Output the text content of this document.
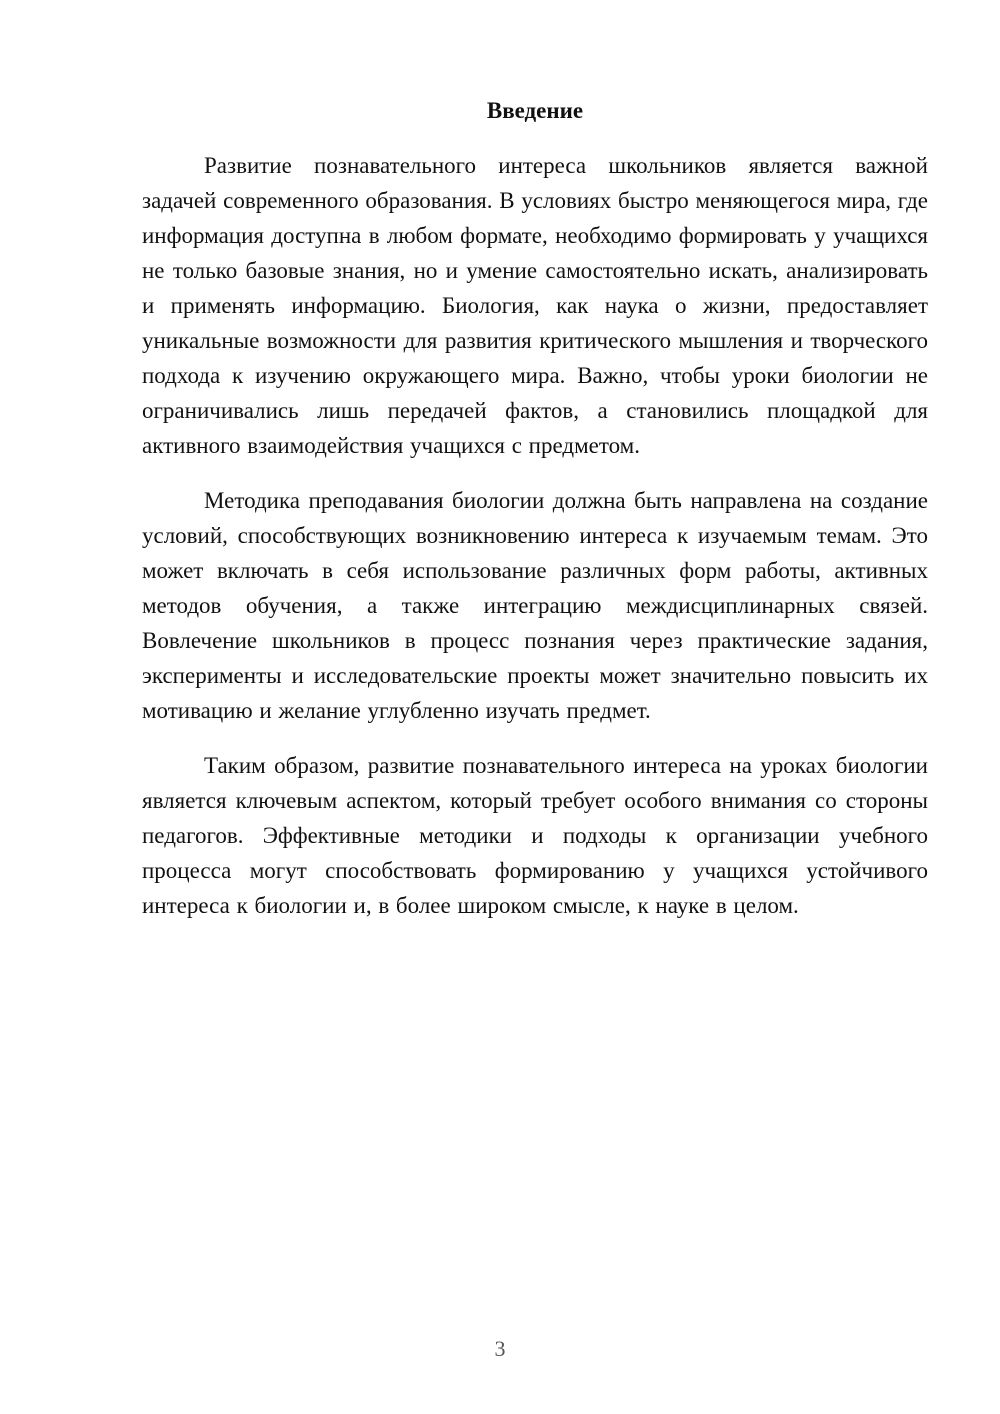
Введение

Развитие познавательного интереса школьников является важной задачей современного образования. В условиях быстро меняющегося мира, где информация доступна в любом формате, необходимо формировать у учащихся не только базовые знания, но и умение самостоятельно искать, анализировать и применять информацию. Биология, как наука о жизни, предоставляет уникальные возможности для развития критического мышления и творческого подхода к изучению окружающего мира. Важно, чтобы уроки биологии не ограничивались лишь передачей фактов, а становились площадкой для активного взаимодействия учащихся с предметом.

Методика преподавания биологии должна быть направлена на создание условий, способствующих возникновению интереса к изучаемым темам. Это может включать в себя использование различных форм работы, активных методов обучения, а также интеграцию междисциплинарных связей. Вовлечение школьников в процесс познания через практические задания, эксперименты и исследовательские проекты может значительно повысить их мотивацию и желание углубленно изучать предмет.

Таким образом, развитие познавательного интереса на уроках биологии является ключевым аспектом, который требует особого внимания со стороны педагогов. Эффективные методики и подходы к организации учебного процесса могут способствовать формированию у учащихся устойчивого интереса к биологии и, в более широком смысле, к науке в целом.

3
